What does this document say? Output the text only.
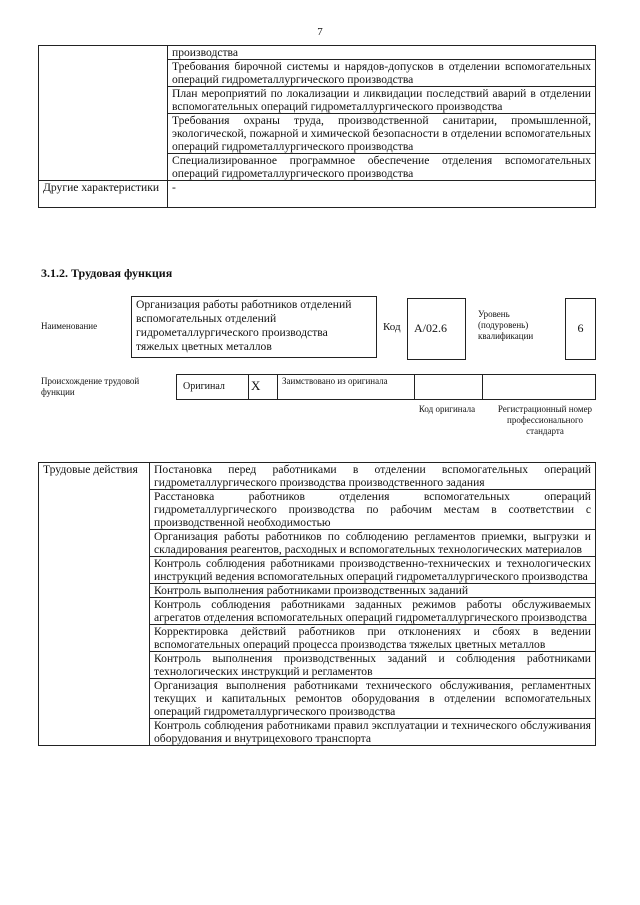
7
	производства
	Требования бирочной системы и нарядов-допусков в отделении вспомогательных операций гидрометаллургического производства
	План мероприятий по локализации и ликвидации последствий аварий в отделении вспомогательных операций гидрометаллургического производства
	Требования охраны труда, производственной санитарии, промышленной, экологической, пожарной и химической безопасности в отделении вспомогательных операций гидрометаллургического производства
	Специализированное программное обеспечение отделения вспомогательных операций гидрометаллургического производства
Другие характеристики	-
3.1.2. Трудовая функция
Наименование
Организация работы работников отделений вспомогательных отделений гидрометаллургического производства тяжелых цветных металлов
Код	A/02.6
Уровень (подуровень) квалификации
6
Происхождение трудовой функции	Оригинал X Заимствовано из оригинала
Код оригинала	Регистрационный номер профессионального стандарта
Трудовые действия	Постановка перед работниками в отделении вспомогательных операций гидрометаллургического производства производственного задания
Расстановка работников отделения вспомогательных операций гидрометаллургического производства по рабочим местам в соответствии с производственной необходимостью
Организация работы работников по соблюдению регламентов приемки, выгрузки и складирования реагентов, расходных и вспомогательных технологических материалов
Контроль соблюдения работниками производственно-технических и технологических инструкций ведения вспомогательных операций гидрометаллургического производства
Контроль выполнения работниками производственных заданий
Контроль соблюдения работниками заданных режимов работы обслуживаемых агрегатов отделения вспомогательных операций гидрометаллургического производства
Корректировка действий работников при отклонениях и сбоях в ведении вспомогательных операций процесса производства тяжелых цветных металлов
Контроль выполнения производственных заданий и соблюдения работниками технологических инструкций и регламентов
Организация выполнения работниками технического обслуживания, регламентных текущих и капитальных ремонтов оборудования в отделении вспомогательных операций гидрометаллургического производства
Контроль соблюдения работниками правил эксплуатации и технического обслуживания оборудования и внутрицехового транспорта
